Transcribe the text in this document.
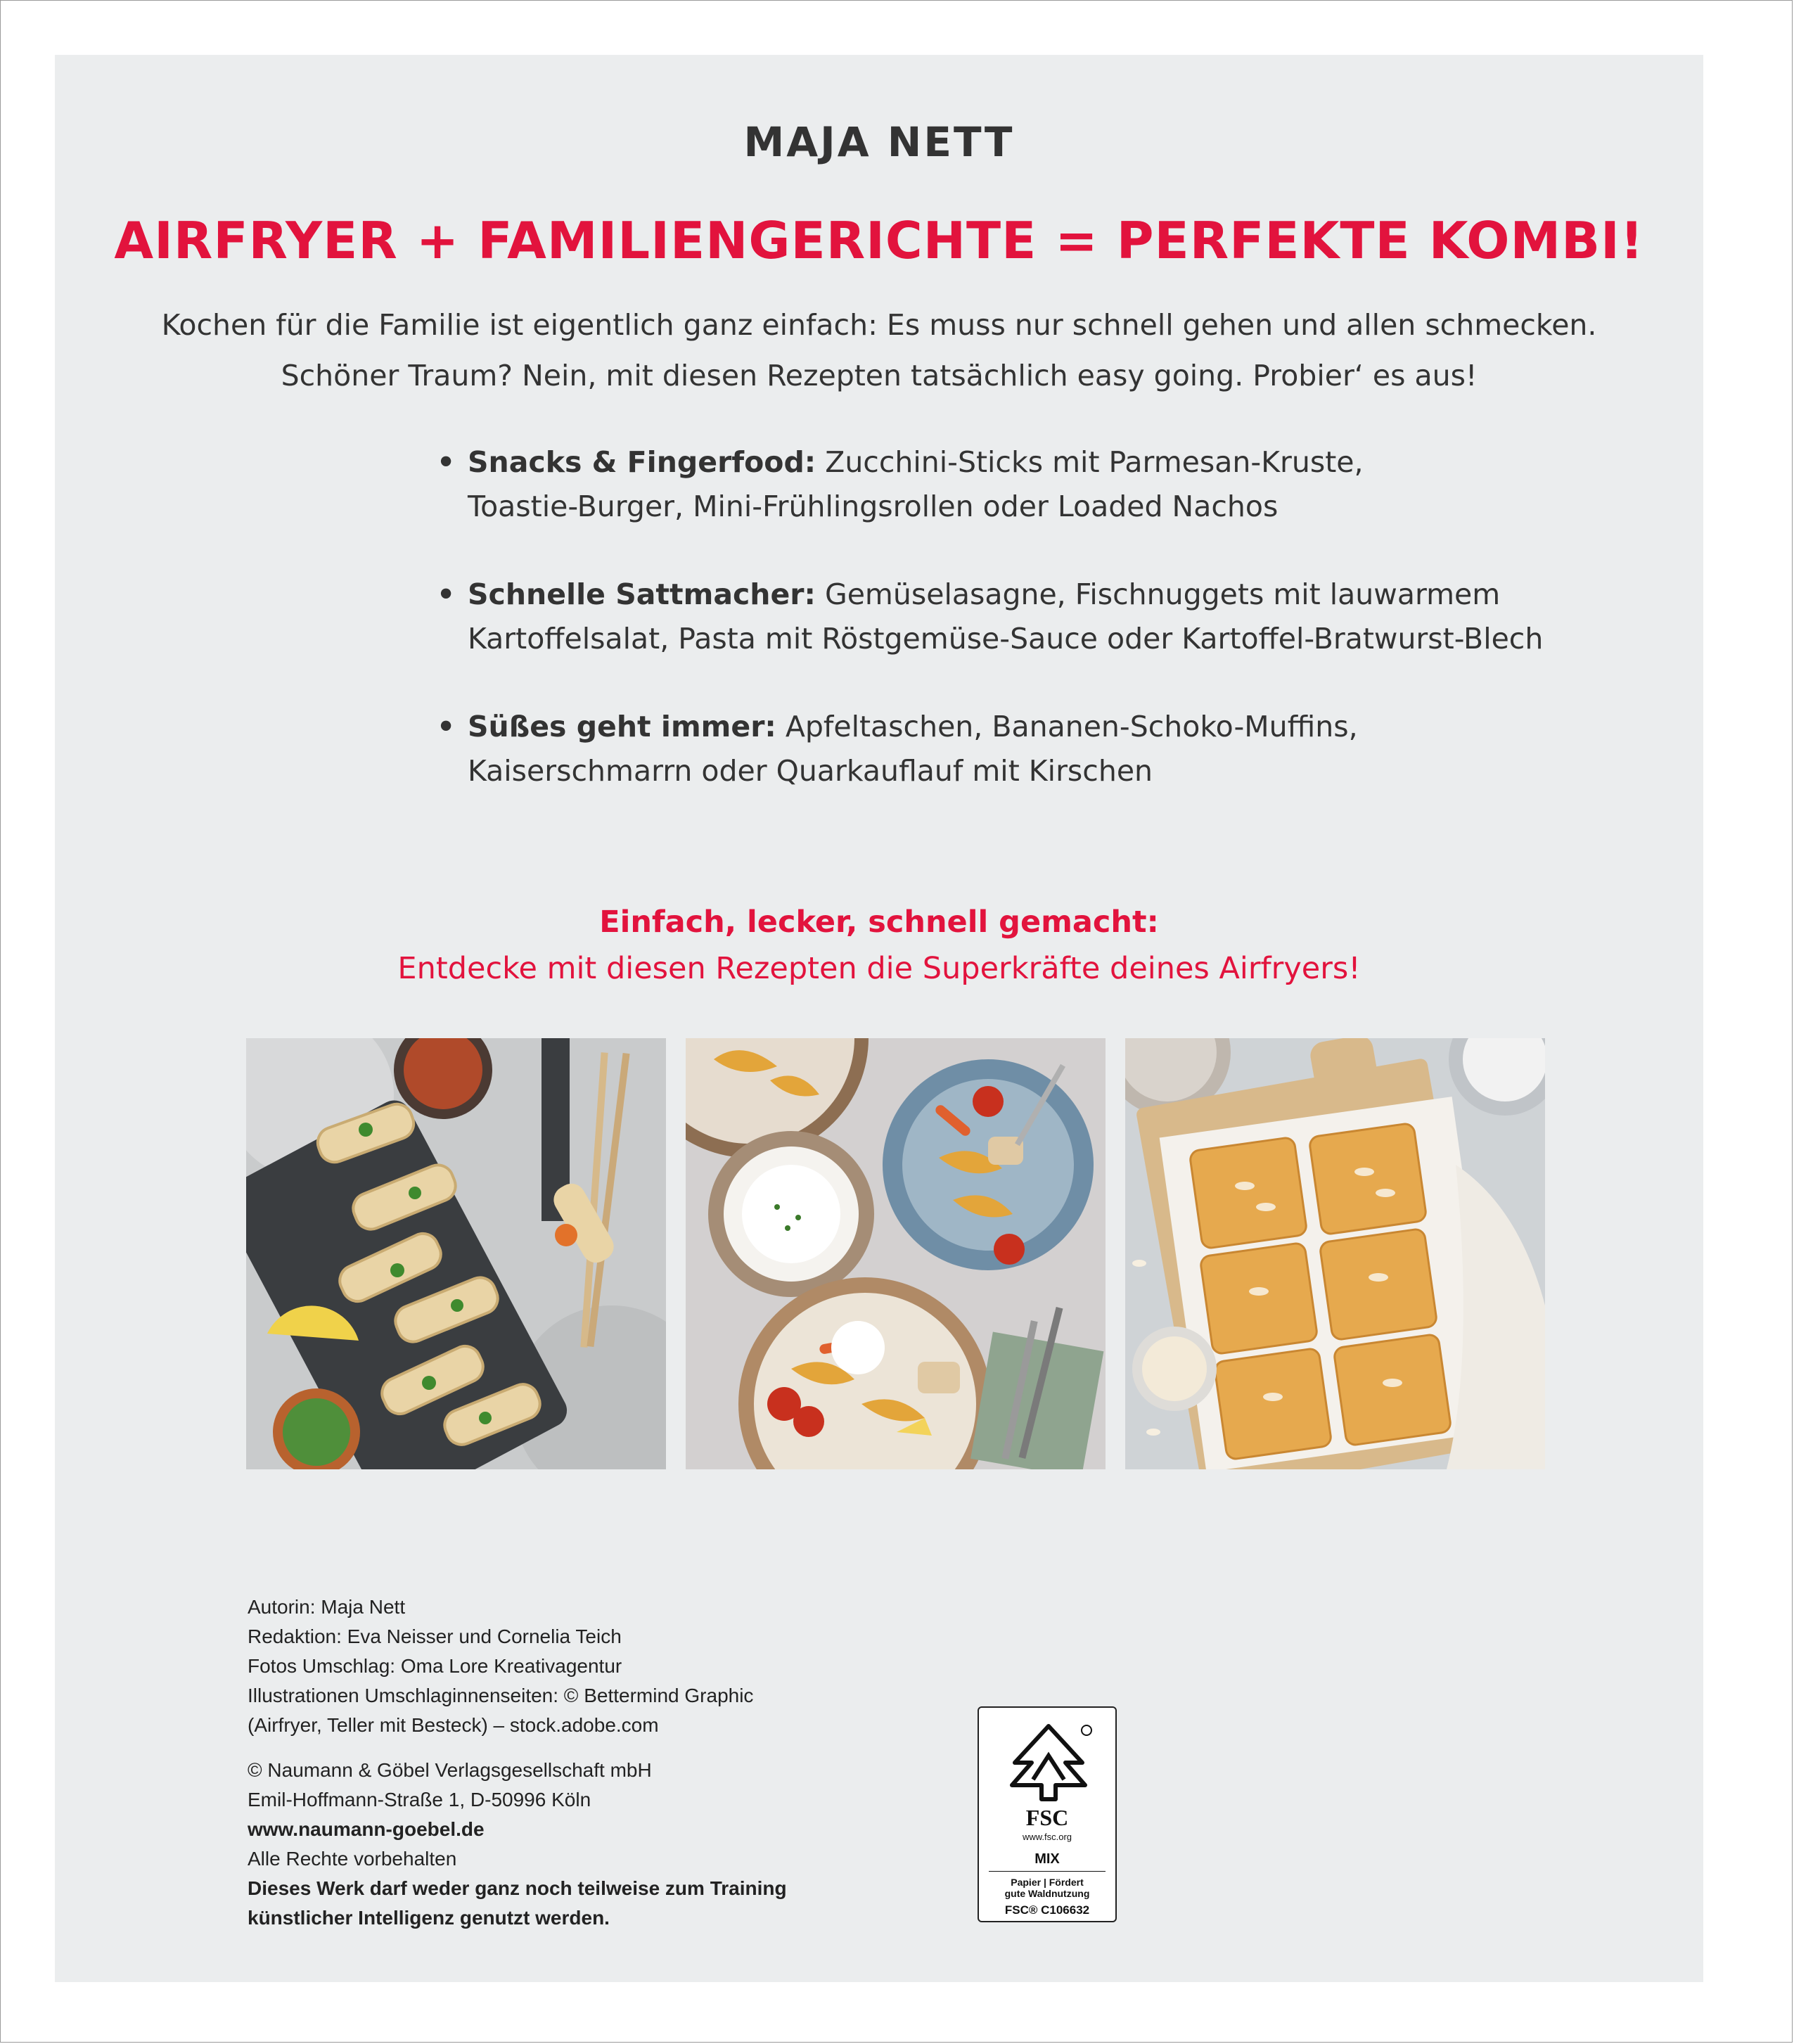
MAJA NETT
AIRFRYER + FAMILIENGERICHTE = PERFEKTE KOMBI!
Kochen für die Familie ist eigentlich ganz einfach: Es muss nur schnell gehen und allen schmecken.
Schöner Traum? Nein, mit diesen Rezepten tatsächlich easy going. Probier‘ es aus!
• Snacks & Fingerfood: Zucchini-Sticks mit Parmesan-Kruste,
Toastie-Burger, Mini-Frühlingsrollen oder Loaded Nachos
• Schnelle Sattmacher: Gemüselasagne, Fischnuggets mit lauwarmem
Kartoffelsalat, Pasta mit Röstgemüse-Sauce oder Kartoffel-Bratwurst-Blech
• Süßes geht immer: Apfeltaschen, Bananen-Schoko-Muffins,
Kaiserschmarrn oder Quarkauflauf mit Kirschen
Einfach, lecker, schnell gemacht:
Entdecke mit diesen Rezepten die Superkräfte deines Airfryers!
Autorin: Maja Nett
Redaktion: Eva Neisser und Cornelia Teich
Fotos Umschlag: Oma Lore Kreativagentur
Illustrationen Umschlaginnenseiten: © Bettermind Graphic
(Airfryer, Teller mit Besteck) – stock.adobe.com
© Naumann & Göbel Verlagsgesellschaft mbH
Emil-Hoffmann-Straße 1, D-50996 Köln
www.naumann-goebel.de
Alle Rechte vorbehalten
Dieses Werk darf weder ganz noch teilweise zum Training
künstlicher Intelligenz genutzt werden.
FSC
www.fsc.org
MIX
Papier | Fördert
gute Waldnutzung
FSC® C106632
